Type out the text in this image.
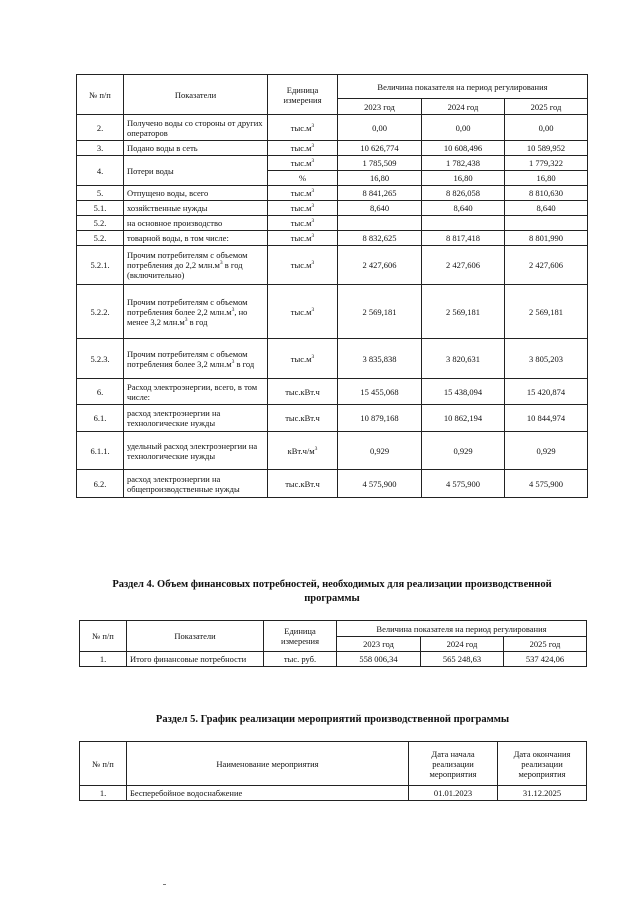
№ п/п	Показатели	Единица измерения	Величина показателя на период регулирования		
			2023 год	2024 год	2025 год
2.	Получено воды со стороны от других операторов	$тыс.м^3$	0,00	0,00	0,00
3.	Подано воды в сеть	$тыс.м^3$	10 626,774	10 608,496	10 589,952
4.	Потери воды	$тыс.м^3$	1 785,509	1 782,438	1 779,322
		%	16,80	16,80	16,80
5.	Отпущено воды, всего	$тыс.м^3$	8 841,265	8 826,058	8 810,630
5.1.	хозяйственные нужды	$тыс.м^3$	8,640	8,640	8,640
5.2.	на основное производство	$тыс.м^3$			
5.2.	товарной воды, в том числе:	$тыс.м^3$	8 832,625	8 817,418	8 801,990
5.2.1.	Прочим потребителям с объемом потребления до 2,2 $млн.м^3$ в год (включительно)	$тыс.м^3$	2 427,606	2 427,606	2 427,606
5.2.2.	Прочим потребителям с объемом потребления более 2,2 $млн.м^3$, но менее 3,2 $млн.м^3$ в год	$тыс.м^3$	2 569,181	2 569,181	2 569,181
5.2.3.	Прочим потребителям с объемом потребления более 3,2 $млн.м^3$ в год	$тыс.м^3$	3 835,838	3 820,631	3 805,203
6.	Расход электроэнергии, всего, в том числе:	тыс.кВт.ч	15 455,068	15 438,094	15 420,874
6.1.	расход электроэнергии на технологические нужды	тыс.кВт.ч	10 879,168	10 862,194	10 844,974
6.1.1.	удельный расход электроэнергии на технологические нужды	$кВт.ч/м^3$	0,929	0,929	0,929
6.2.	расход электроэнергии на общепроизводственные нужды	тыс.кВт.ч	4 575,900	4 575,900	4 575,900
Раздел 4. Объем финансовых потребностей, необходимых для реализации производственной программы
№ п/п	Показатели	Единица измерения	Величина показателя на период регулирования		
			2023 год	2024 год	2025 год
1.	Итого финансовые потребности	тыс. руб.	558 006,34	565 248,63	537 424,06
Раздел 5. График реализации мероприятий производственной программы
№ п/п	Наименование мероприятия	Дата начала реализации мероприятия	Дата окончания реализации мероприятия
1.	Бесперебойное водоснабжение	01.01.2023	31.12.2025
